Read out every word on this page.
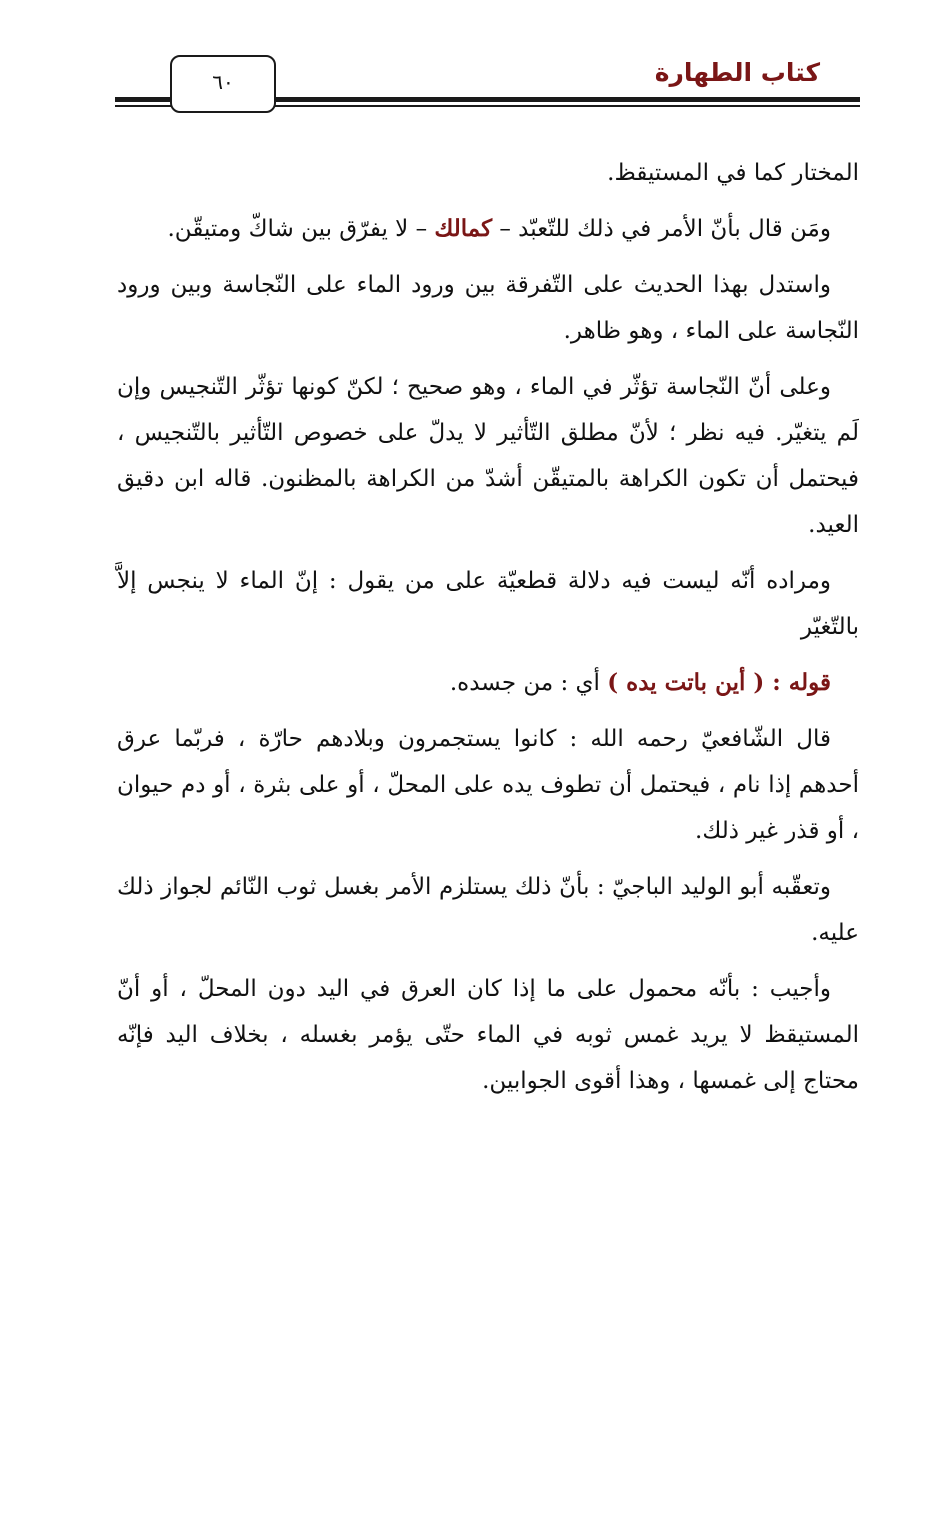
كتاب الطهارة
٦٠

المختار كما في المستيقظ.

ومَن قال بأنّ الأمر في ذلك للتّعبّد – كمالك – لا يفرّق بين شاكّ ومتيقّن.

واستدل بهذا الحديث على التّفرقة بين ورود الماء على النّجاسة وبين ورود النّجاسة على الماء ، وهو ظاهر.

وعلى أنّ النّجاسة تؤثّر في الماء ، وهو صحيح ؛ لكنّ كونها تؤثّر التّنجيس وإن لَم يتغيّر. فيه نظر ؛ لأنّ مطلق التّأثير لا يدلّ على خصوص التّأثير بالتّنجيس ، فيحتمل أن تكون الكراهة بالمتيقّن أشدّ من الكراهة بالمظنون. قاله ابن دقيق العيد.

ومراده أنّه ليست فيه دلالة قطعيّة على من يقول : إنّ الماء لا ينجس إلاَّ بالتّغيّر

قوله : ( أين باتت يده ) أي : من جسده.

قال الشّافعيّ رحمه الله : كانوا يستجمرون وبلادهم حارّة ، فربّما عرق أحدهم إذا نام ، فيحتمل أن تطوف يده على المحلّ ، أو على بثرة ، أو دم حيوان ، أو قذر غير ذلك.

وتعقّبه أبو الوليد الباجيّ : بأنّ ذلك يستلزم الأمر بغسل ثوب النّائم لجواز ذلك عليه.

وأجيب : بأنّه محمول على ما إذا كان العرق في اليد دون المحلّ ، أو أنّ المستيقظ لا يريد غمس ثوبه في الماء حتّى يؤمر بغسله ، بخلاف اليد فإنّه محتاج إلى غمسها ، وهذا أقوى الجوابين.
